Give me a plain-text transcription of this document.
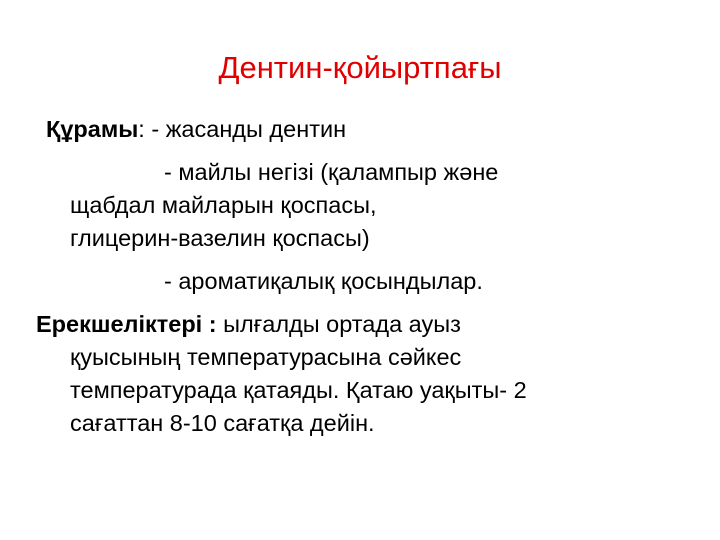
Дентин-қойыртпағы

Құрамы: - жасанды дентин

- майлы негізі (қалампыр және

щабдал майларын қоспасы,

глицерин-вазелин қоспасы)

- ароматиқалық қосындылар.

Ерекшеліктері : ылғалды ортада ауыз

қуысының температурасына сәйкес

температурада қатаяды. Қатаю уақыты- 2

сағаттан 8-10 сағатқа дейін.
